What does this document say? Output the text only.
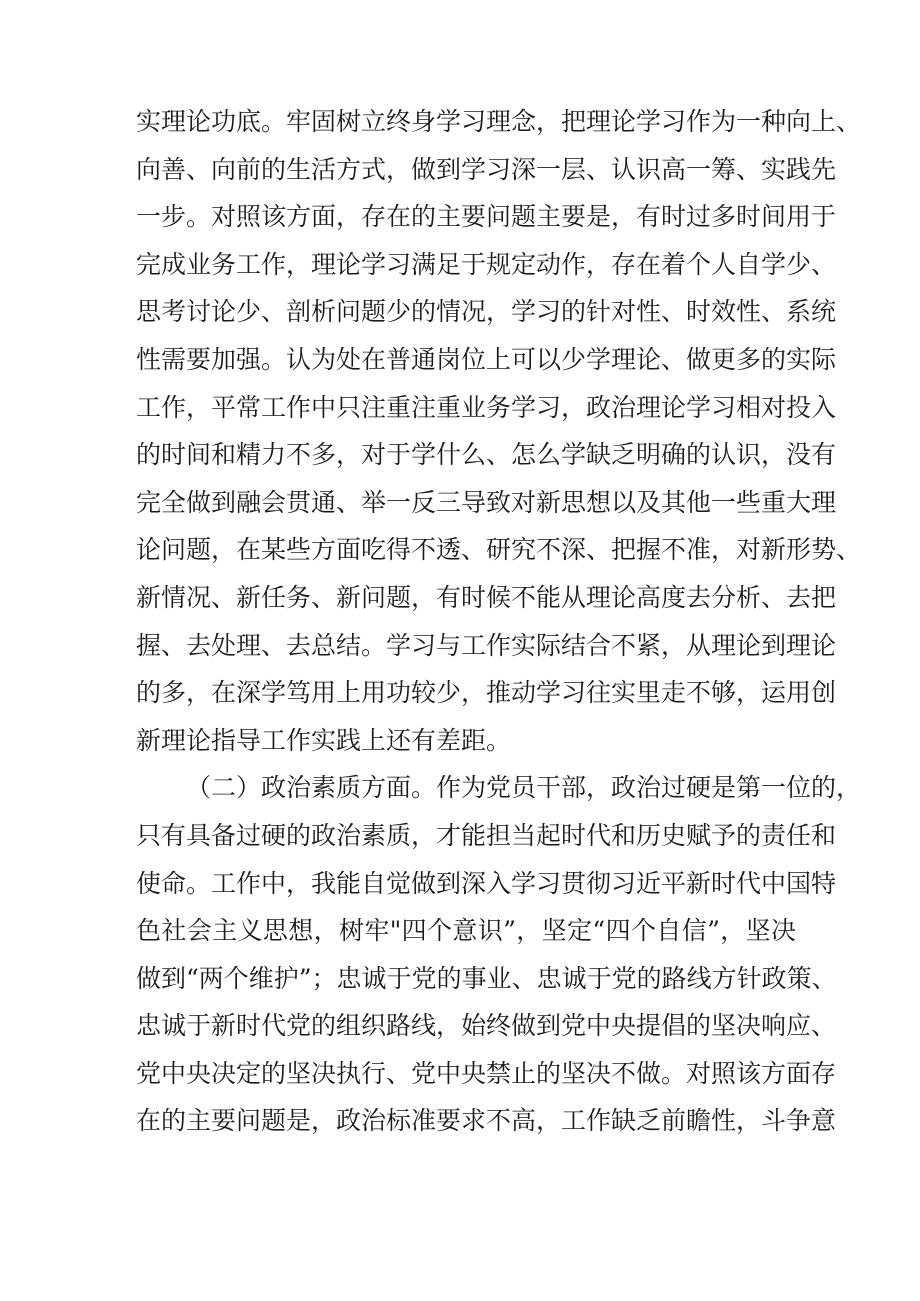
实理论功底。牢固树立终身学习理念，把理论学习作为一种向上、
向善、向前的生活方式，做到学习深一层、认识高一筹、实践先
一步。对照该方面，存在的主要问题主要是，有时过多时间用于
完成业务工作，理论学习满足于规定动作，存在着个人自学少、
思考讨论少、剖析问题少的情况，学习的针对性、时效性、系统
性需要加强。认为处在普通岗位上可以少学理论、做更多的实际
工作，平常工作中只注重注重业务学习，政治理论学习相对投入
的时间和精力不多，对于学什么、怎么学缺乏明确的认识，没有
完全做到融会贯通、举一反三导致对新思想以及其他一些重大理
论问题，在某些方面吃得不透、研究不深、把握不准，对新形势、
新情况、新任务、新问题，有时候不能从理论高度去分析、去把
握、去处理、去总结。学习与工作实际结合不紧，从理论到理论
的多，在深学笃用上用功较少，推动学习往实里走不够，运用创
新理论指导工作实践上还有差距。
（二）政治素质方面。作为党员干部，政治过硬是第一位的，
只有具备过硬的政治素质，才能担当起时代和历史赋予的责任和
使命。工作中，我能自觉做到深入学习贯彻习近平新时代中国特
色社会主义思想，树牢"四个意识”，坚定“四个自信”，坚决
做到“两个维护”；忠诚于党的事业、忠诚于党的路线方针政策、
忠诚于新时代党的组织路线，始终做到党中央提倡的坚决响应、
党中央决定的坚决执行、党中央禁止的坚决不做。对照该方面存
在的主要问题是，政治标准要求不高，工作缺乏前瞻性，斗争意
